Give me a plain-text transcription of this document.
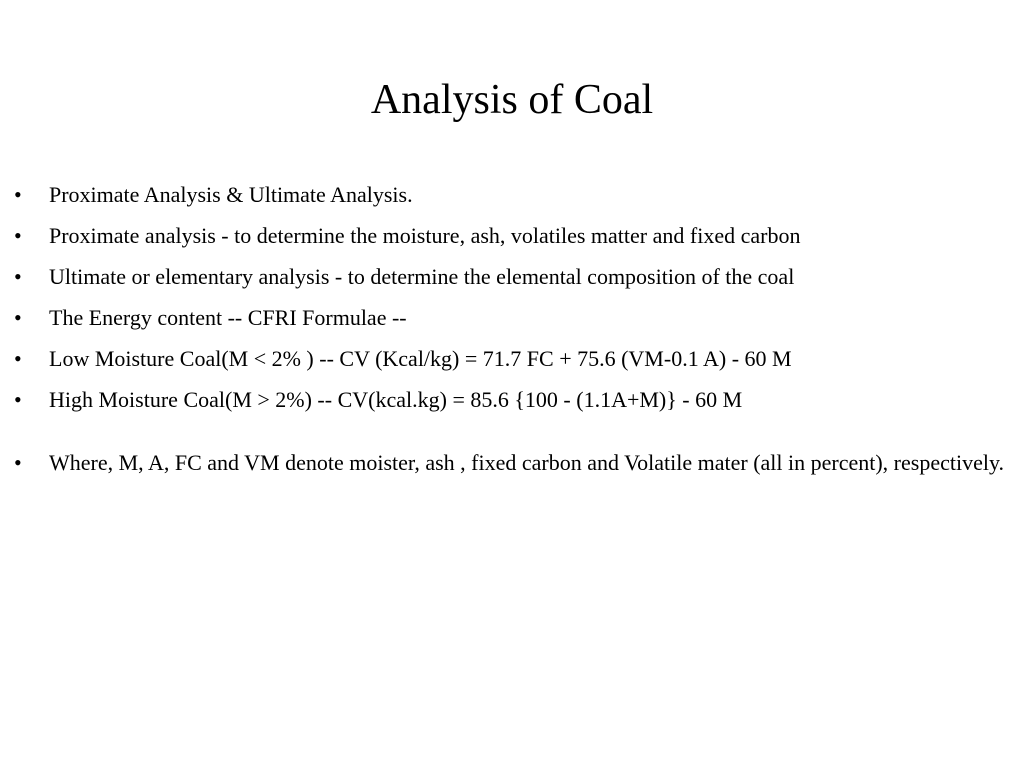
Analysis of Coal
•	Proximate Analysis & Ultimate Analysis.
•	Proximate analysis - to determine the moisture, ash, volatiles matter and fixed carbon
•	Ultimate or elementary analysis - to determine the elemental composition of the coal
•	The Energy content -- CFRI Formulae --
•	Low Moisture Coal(M < 2% ) -- CV (Kcal/kg) = 71.7 FC + 75.6 (VM-0.1 A) - 60 M
•	High Moisture Coal(M > 2%) -- CV(kcal.kg) = 85.6 {100 - (1.1A+M)} - 60 M
•	Where, M, A, FC and VM denote moister, ash , fixed carbon and Volatile mater (all in percent), respectively.
